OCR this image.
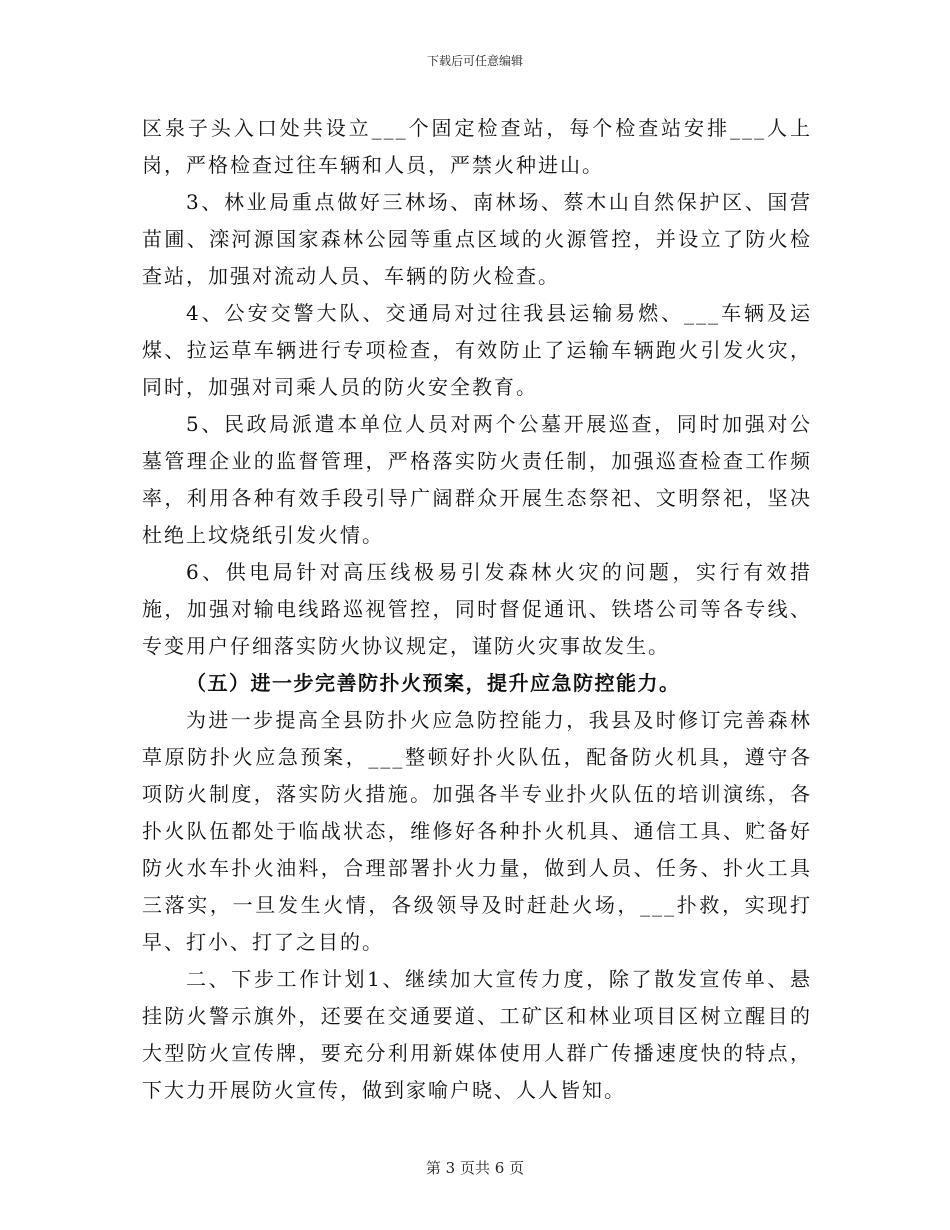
下载后可任意编辑

区泉子头入口处共设立___个固定检查站，每个检查站安排___人上岗，严格检查过往车辆和人员，严禁火种进山。

3、林业局重点做好三林场、南林场、蔡木山自然保护区、国营苗圃、滦河源国家森林公园等重点区域的火源管控，并设立了防火检查站，加强对流动人员、车辆的防火检查。

4、公安交警大队、交通局对过往我县运输易燃、___车辆及运煤、拉运草车辆进行专项检查，有效防止了运输车辆跑火引发火灾，同时，加强对司乘人员的防火安全教育。

5、民政局派遣本单位人员对两个公墓开展巡查，同时加强对公墓管理企业的监督管理，严格落实防火责任制，加强巡查检查工作频率，利用各种有效手段引导广阔群众开展生态祭祀、文明祭祀，坚决杜绝上坟烧纸引发火情。

6、供电局针对高压线极易引发森林火灾的问题，实行有效措施，加强对输电线路巡视管控，同时督促通讯、铁塔公司等各专线、专变用户仔细落实防火协议规定，谨防火灾事故发生。

（五）进一步完善防扑火预案，提升应急防控能力。

为进一步提高全县防扑火应急防控能力，我县及时修订完善森林草原防扑火应急预案，___整顿好扑火队伍，配备防火机具，遵守各项防火制度，落实防火措施。加强各半专业扑火队伍的培训演练，各扑火队伍都处于临战状态，维修好各种扑火机具、通信工具、贮备好防火水车扑火油料，合理部署扑火力量，做到人员、任务、扑火工具三落实，一旦发生火情，各级领导及时赶赴火场，___扑救，实现打早、打小、打了之目的。

二、下步工作计划1、继续加大宣传力度，除了散发宣传单、悬挂防火警示旗外，还要在交通要道、工矿区和林业项目区树立醒目的大型防火宣传牌，要充分利用新媒体使用人群广传播速度快的特点，下大力开展防火宣传，做到家喻户晓、人人皆知。

第 3 页共 6 页
